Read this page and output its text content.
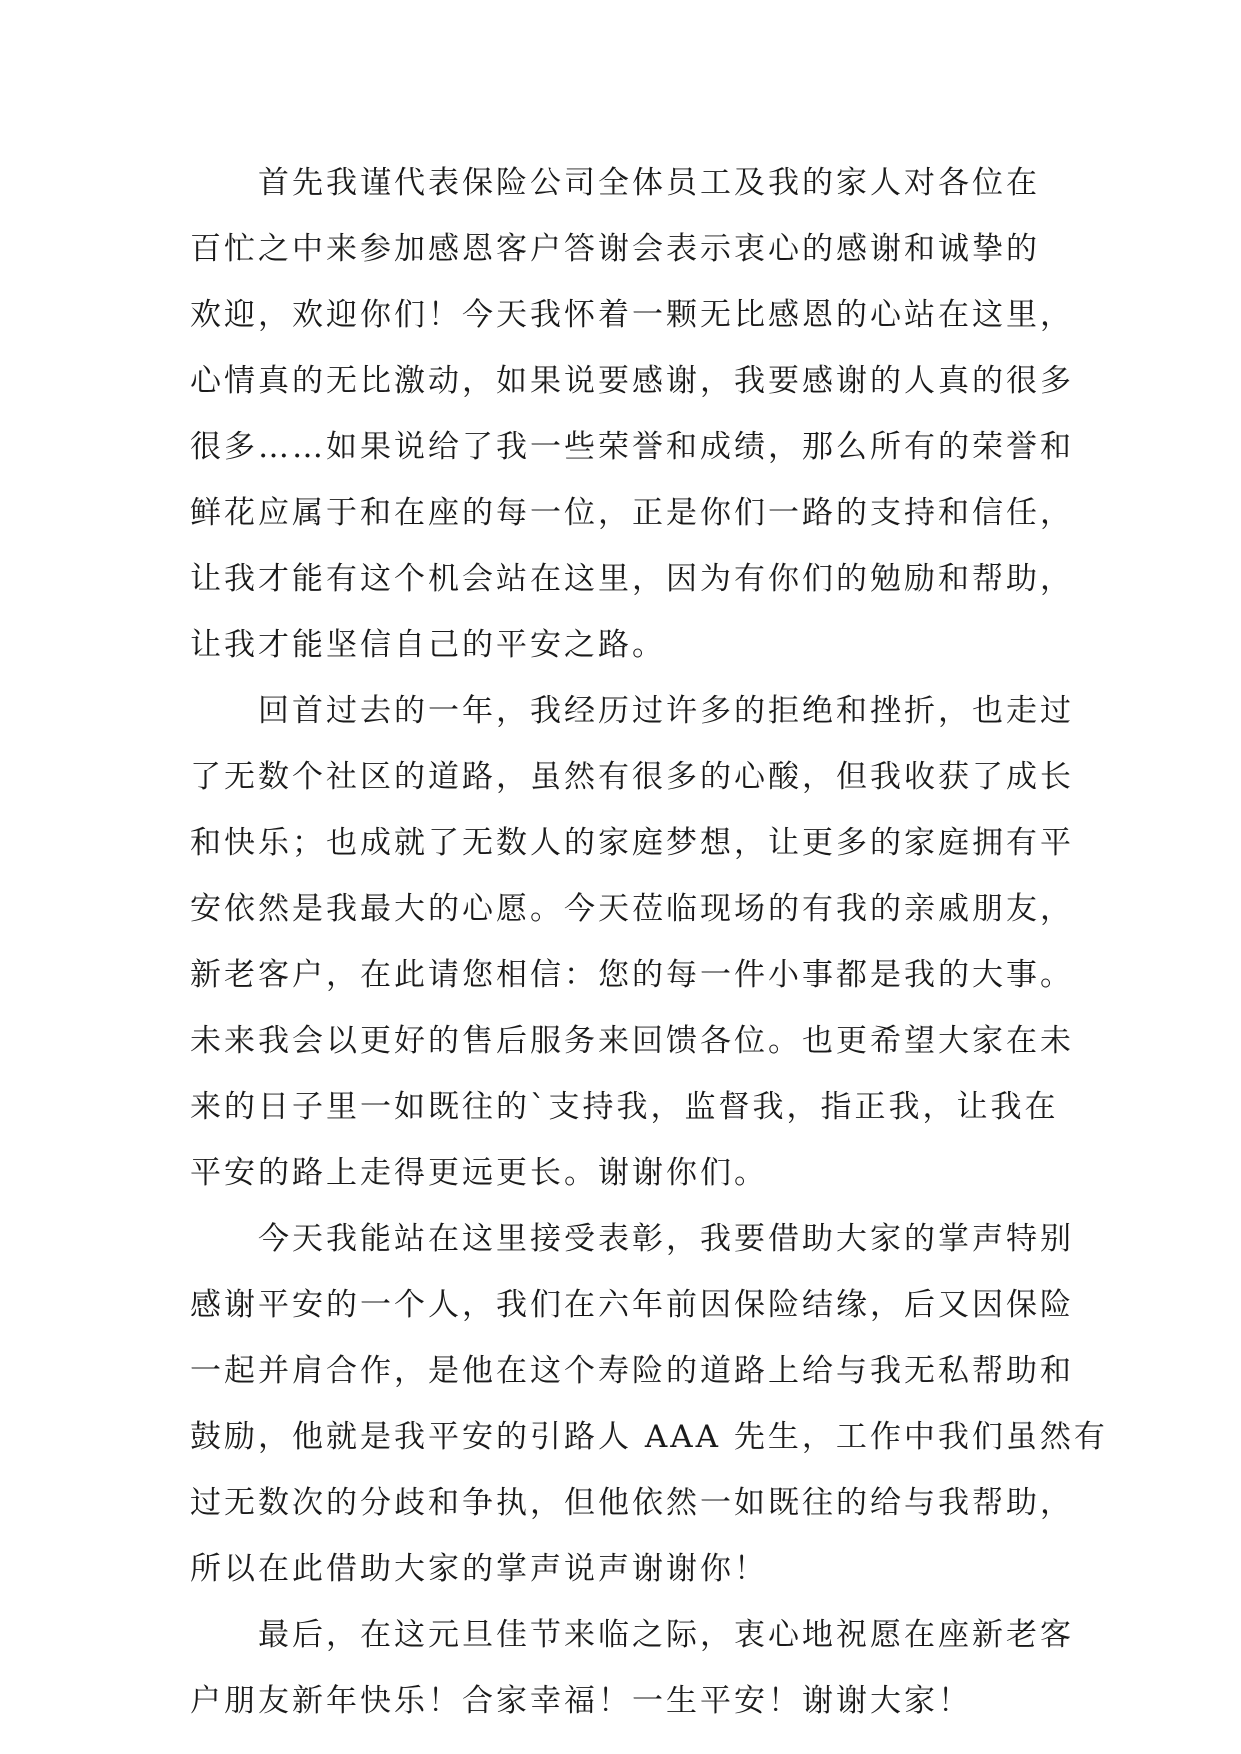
首先我谨代表保险公司全体员工及我的家人对各位在
百忙之中来参加感恩客户答谢会表示衷心的感谢和诚挚的
欢迎，欢迎你们！今天我怀着一颗无比感恩的心站在这里，
心情真的无比激动，如果说要感谢，我要感谢的人真的很多
很多……如果说给了我一些荣誉和成绩，那么所有的荣誉和
鲜花应属于和在座的每一位，正是你们一路的支持和信任，
让我才能有这个机会站在这里，因为有你们的勉励和帮助，
让我才能坚信自己的平安之路。
回首过去的一年，我经历过许多的拒绝和挫折，也走过
了无数个社区的道路，虽然有很多的心酸，但我收获了成长
和快乐；也成就了无数人的家庭梦想，让更多的家庭拥有平
安依然是我最大的心愿。今天莅临现场的有我的亲戚朋友，
新老客户，在此请您相信：您的每一件小事都是我的大事。
未来我会以更好的售后服务来回馈各位。也更希望大家在未
来的日子里一如既往的`支持我，监督我，指正我，让我在
平安的路上走得更远更长。谢谢你们。
今天我能站在这里接受表彰，我要借助大家的掌声特别
感谢平安的一个人，我们在六年前因保险结缘，后又因保险
一起并肩合作，是他在这个寿险的道路上给与我无私帮助和
鼓励，他就是我平安的引路人 AAA 先生，工作中我们虽然有
过无数次的分歧和争执，但他依然一如既往的给与我帮助，
所以在此借助大家的掌声说声谢谢你！
最后，在这元旦佳节来临之际，衷心地祝愿在座新老客
户朋友新年快乐！合家幸福！一生平安！谢谢大家！
